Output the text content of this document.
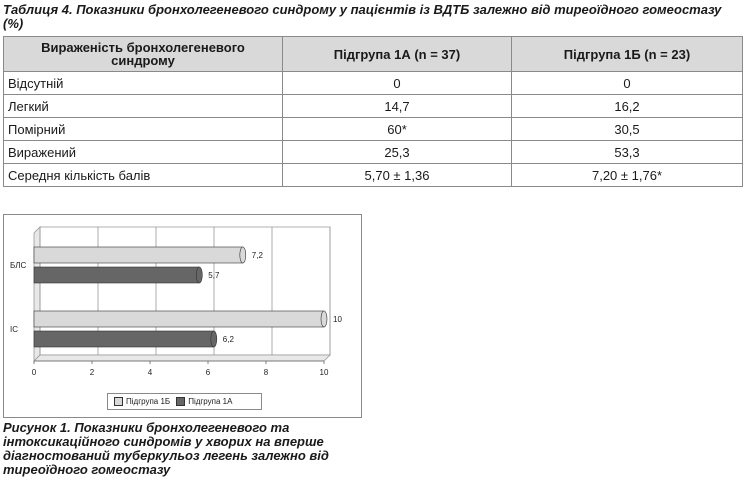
Таблиця 4. Показники бронхолегеневого синдрому у пацієнтів із ВДТБ залежно від тиреоїдного гомеостазу (%)
Вираженість бронхолегеневого синдрому	Підгрупа 1А (n = 37)	Підгрупа 1Б (n = 23)
Відсутній	0	0
Легкий	14,7	16,2
Помірний	60*	30,5
Виражений	25,3	53,3
Середня кількість балів	5,70 ± 1,36	7,20 ± 1,76*
0	2	4	6	8	10
БЛС
7,2
5,7
ІС
10
6,2
Підгрупа 1Б Підгрупа 1А
Рисунок 1. Показники бронхолегеневого та інтоксикаційного синдромів у хворих на вперше діагностований туберкульоз легень залежно від тиреоїдного гомеостазу
